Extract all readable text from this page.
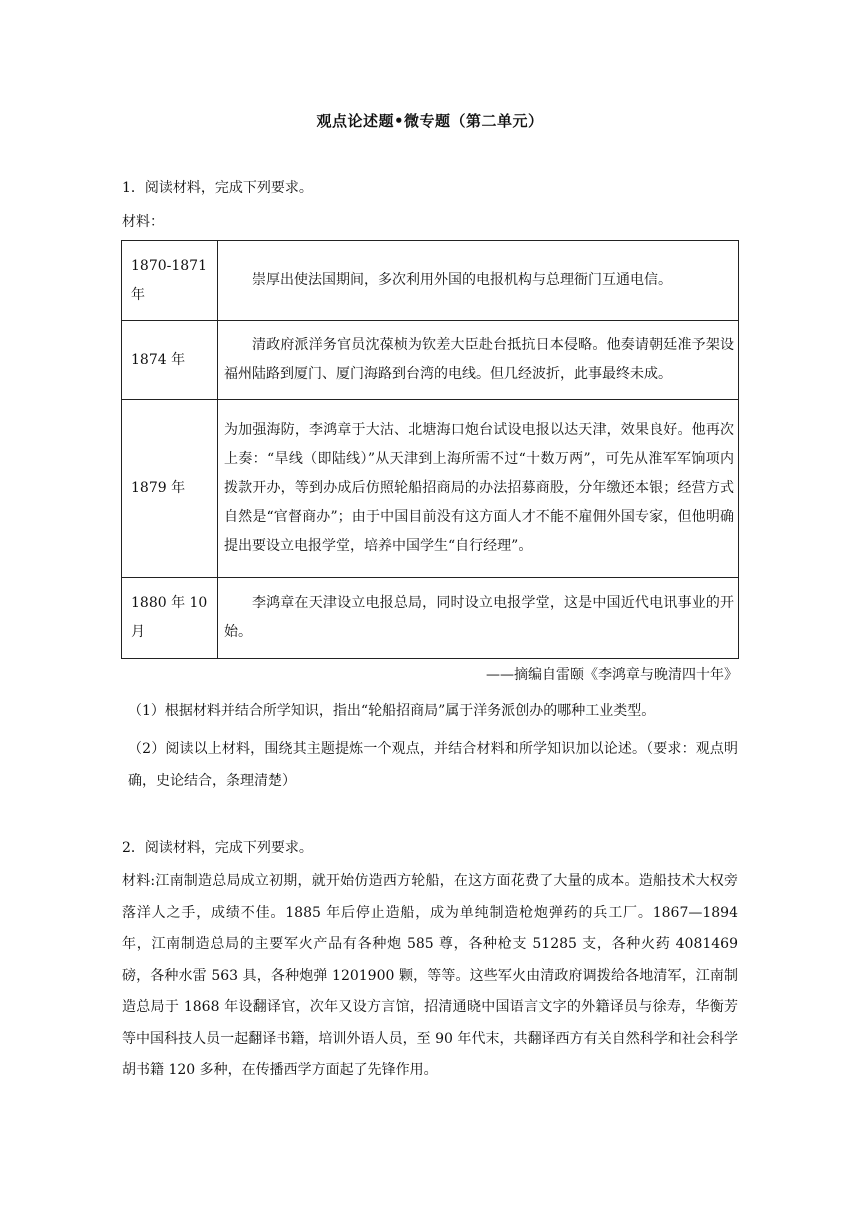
观点论述题•微专题（第二单元）
1．阅读材料，完成下列要求。
材料：
1870-1871年	崇厚出使法国期间，多次利用外国的电报机构与总理衙门互通电信。

1874 年	清政府派洋务官员沈葆桢为钦差大臣赴台抵抗日本侵略。他奏请朝廷准予架设福州陆路到厦门、厦门海路到台湾的电线。但几经波折，此事最终未成。

1879 年	为加强海防，李鸿章于大沽、北塘海口炮台试设电报以达天津，效果良好。他再次上奏：“旱线（即陆线）”从天津到上海所需不过“十数万两”，可先从淮军军饷项内拨款开办，等到办成后仿照轮船招商局的办法招募商股，分年缴还本银；经营方式自然是“官督商办”；由于中国目前没有这方面人才不能不雇佣外国专家，但他明确提出要设立电报学堂，培养中国学生“自行经理”。
1880 年 10 月	李鸿章在天津设立电报总局，同时设立电报学堂，这是中国近代电讯事业的开始。
——摘编自雷颐《李鸿章与晚清四十年》
（1）根据材料并结合所学知识，指出“轮船招商局”属于洋务派创办的哪种工业类型。
（2）阅读以上材料，围绕其主题提炼一个观点，并结合材料和所学知识加以论述。（要求：观点明确，史论结合，条理清楚）
2．阅读材料，完成下列要求。
材料:江南制造总局成立初期，就开始仿造西方轮船，在这方面花费了大量的成本。造船技术大权旁落洋人之手，成绩不佳。1885 年后停止造船，成为单纯制造枪炮弹药的兵工厂。1867—1894 年，江南制造总局的主要军火产品有各种炮 585 尊，各种枪支 51285 支，各种火药 4081469 磅，各种水雷 563 具，各种炮弹 1201900 颗，等等。这些军火由清政府调拨给各地清军，江南制造总局于 1868 年设翻译官，次年又设方言馆，招清通晓中国语言文字的外籍译员与徐寿，华衡芳等中国科技人员一起翻译书籍，培训外语人员，至 90 年代末，共翻译西方有关自然科学和社会科学胡书籍 120 多种，在传播西学方面起了先锋作用。
